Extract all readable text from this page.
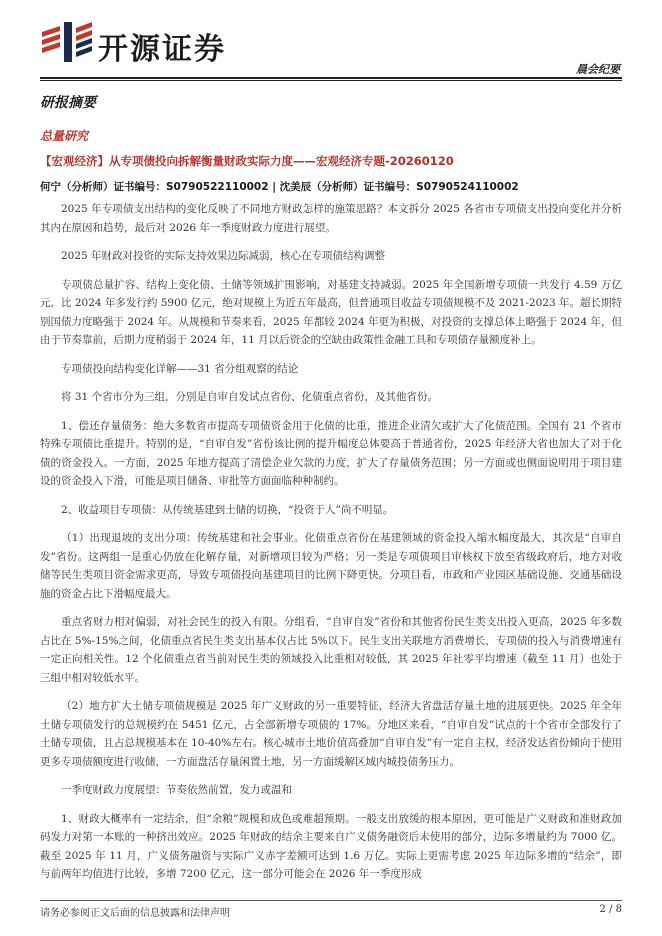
开源证券
晨会纪要
研报摘要
总量研究
【宏观经济】从专项债投向拆解衡量财政实际力度——宏观经济专题-20260120
何宁（分析师）证书编号：S0790522110002 | 沈美辰（分析师）证书编号：S0790524110002

2025 年专项债支出结构的变化反映了不同地方财政怎样的施策思路？本文拆分 2025 各省市专项债支出投向变化并分析其内在原因和趋势，最后对 2026 年一季度财政力度进行展望。

2025 年财政对投资的实际支持效果边际减弱，核心在专项债结构调整

专项债总量扩容、结构上变化债、土储等领域扩围影响，对基建支持减弱。2025 年全国新增专项债一共发行 4.59 万亿元，比 2024 年多发行约 5900 亿元，绝对规模上为近五年最高，但普通项目收益专项债规模不及 2021-2023 年。超长期特别国债力度略强于 2024 年。从规模和节奏来看，2025 年都较 2024 年更为积极，对投资的支撑总体上略强于 2024 年，但由于节奏靠前，后期力度稍弱于 2024 年，11 月以后资金的空缺由政策性金融工具和专项债存量额度补上。

专项债投向结构变化详解——31 省分组观察的结论

将 31 个省市分为三组，分别是自审自发试点省份、化债重点省份，及其他省份。

1、偿还存量债务：绝大多数省市提高专项债资金用于化债的比重，推进企业清欠或扩大了化债范围。全国有 21 个省市特殊专项债比重提升。特别的是，“自审自发”省份该比例的提升幅度总体要高于普通省份，2025 年经济大省也加大了对于化债的资金投入。一方面，2025 年地方提高了清偿企业欠款的力度，扩大了存量债务范围；另一方面或也侧面说明用于项目建设的资金投入下滑，可能是项目储备、审批等方面面临种种制约。

2、收益项目专项债：从传统基建到土储的切换，“投资于人”尚不明显。

（1）出现退坡的支出分项：传统基建和社会事业。化债重点省份在基建领域的资金投入缩水幅度最大，其次是“自审自发”省份。这两组一是重心仍放在化解存量，对新增项目较为严格；另一类是专项债项目审核权下放至省级政府后，地方对收储等民生类项目资金需求更高，导致专项债投向基建项目的比例下降更快。分项目看，市政和产业园区基础设施、交通基础设施的资金占比下滑幅度最大。

重点省财力相对偏弱，对社会民生的投入有限。分组看，“自审自发”省份和其他省份民生类支出投入更高，2025 年多数占比在 5%-15%之间，化债重点省民生类支出基本仅占比 5%以下。民生支出关联地方消费增长，专项债的投入与消费增速有一定正向相关性。12 个化债重点省当前对民生类的领域投入比重相对较低，其 2025 年社零平均增速（截至 11 月）也处于三组中相对较低水平。

（2）地方扩大土储专项债规模是 2025 年广义财政的另一重要特征，经济大省盘活存量土地的进展更快。2025 年全年土储专项债发行的总规模约在 5451 亿元，占全部新增专项债的 17%。分地区来看，“自审自发”试点的十个省市全部发行了土储专项债，且占总规模基本在 10-40%左右。核心城市土地价值高叠加“自审自发”有一定自主权，经济发达省份倾向于使用更多专项债额度进行收储，一方面盘活存量闲置土地，另一方面缓解区域内城投债务压力。

一季度财政力度展望：节奏依然前置，发力或温和

1、财政大概率有一定结余，但“余粮”规模和成色或难超预期。一般支出放缓的根本原因，更可能是广义财政和准财政加码发力对第一本账的一种挤出效应。2025 年财政的结余主要来自广义债务融资后未使用的部分，边际多增量约为 7000 亿。截至 2025 年 11 月，广义债务融资与实际广义赤字差额可达到 1.6 万亿。实际上更需考虑 2025 年边际多增的“结余”，即与前两年均值进行比较，多增 7200 亿元，这一部分可能会在 2026 年一季度形成

请务必参阅正文后面的信息披露和法律声明	2 / 8
